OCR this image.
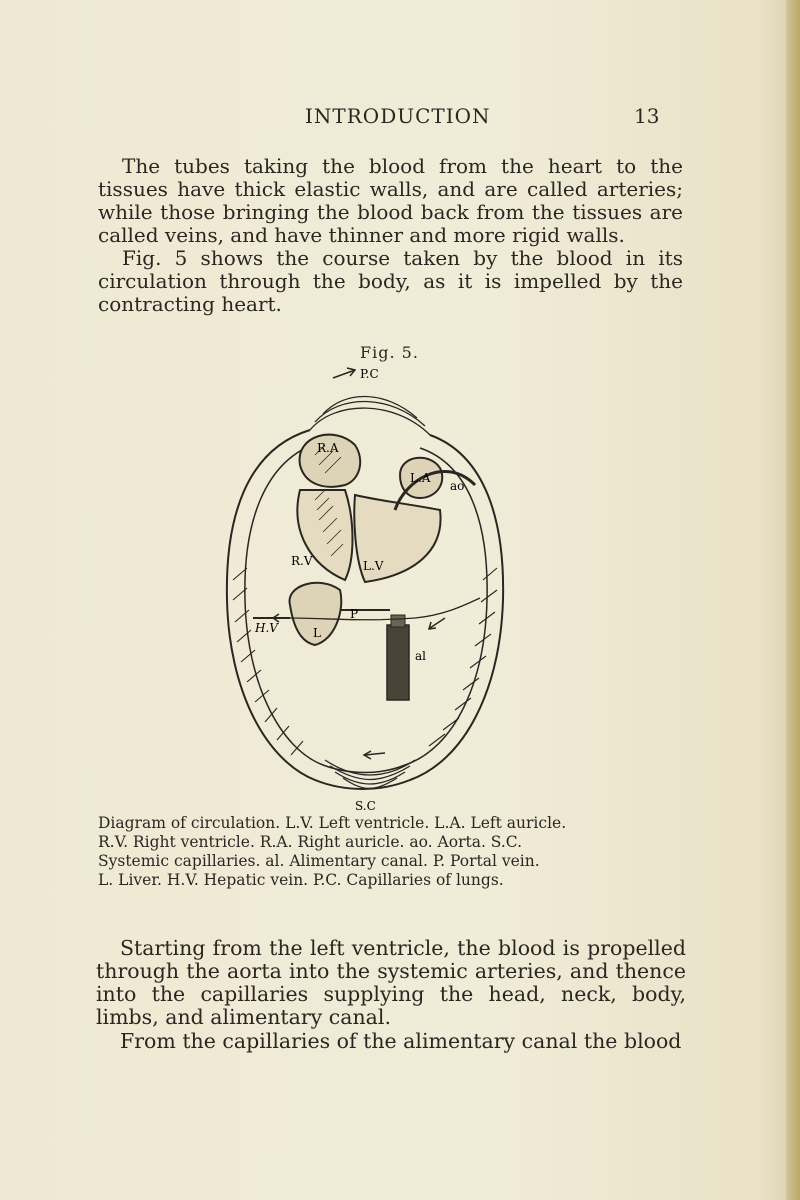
INTRODUCTION	13

The tubes taking the blood from the heart to the tissues have thick elastic walls, and are called arteries; while those bringing the blood back from the tissues are called veins, and have thinner and more rigid walls.

Fig. 5 shows the course taken by the blood in its circulation through the body, as it is impelled by the contracting heart.

Fig. 5.
P.C
R.A
L.A
ao
R.V	L.V
H.V
P
L
al
S.C

Diagram of circulation. L.V. Left ventricle. L.A. Left auricle.
R.V. Right ventricle. R.A. Right auricle. ao. Aorta. S.C.
Systemic capillaries. al. Alimentary canal. P. Portal vein.
L. Liver. H.V. Hepatic vein. P.C. Capillaries of lungs.

Starting from the left ventricle, the blood is propelled through the aorta into the systemic arteries, and thence into the capillaries supplying the head, neck, body, limbs, and alimentary canal.

From the capillaries of the alimentary canal the blood
